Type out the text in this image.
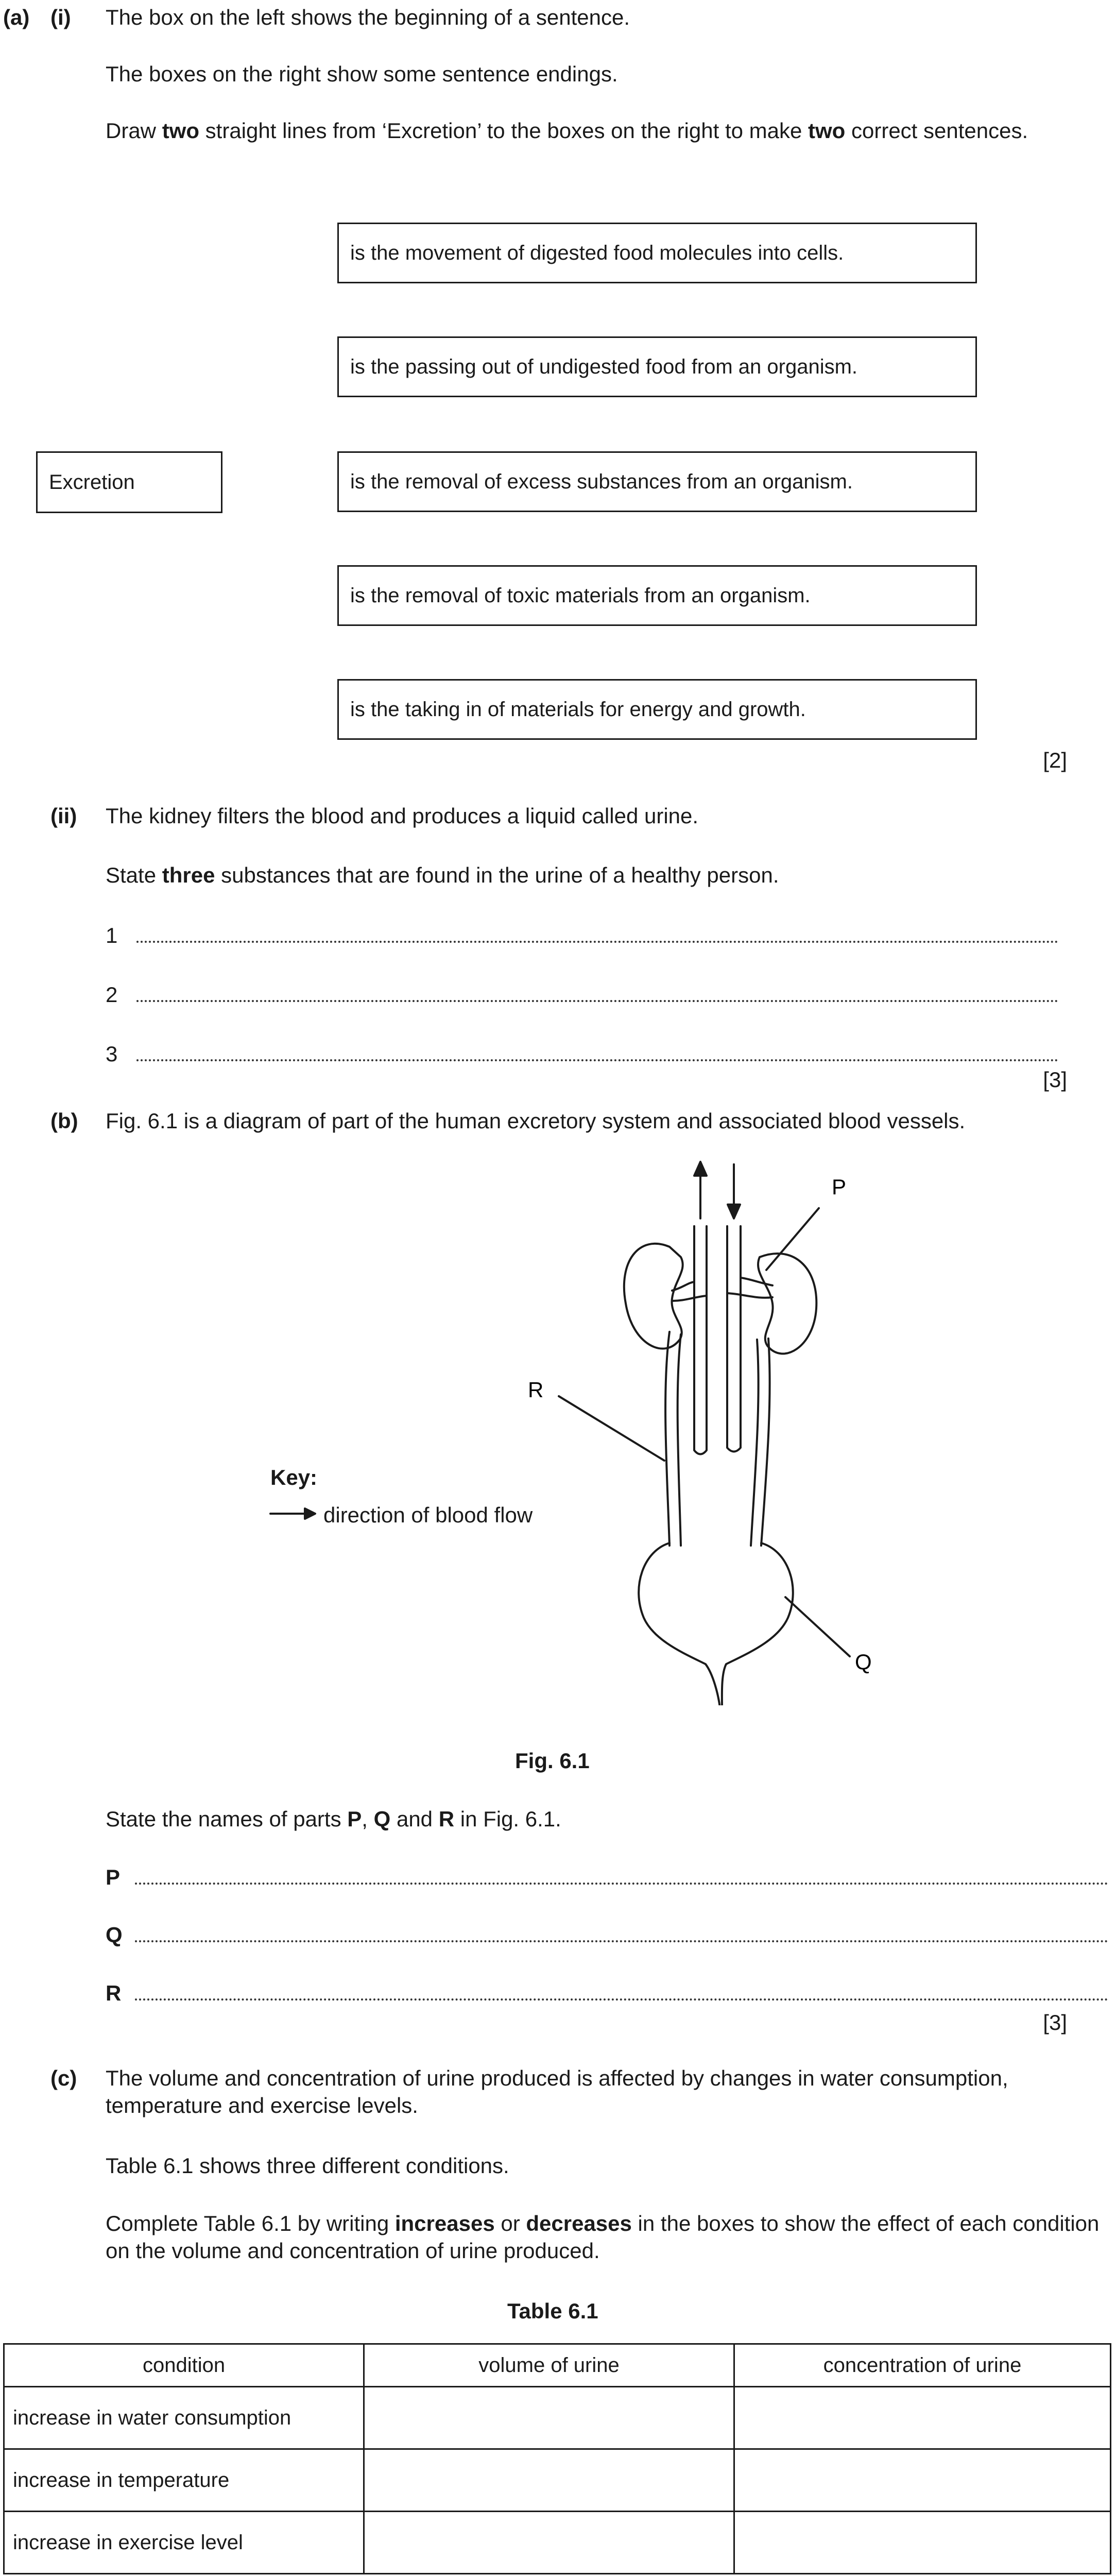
(a) (i) The box on the left shows the beginning of a sentence.
The boxes on the right show some sentence endings.
Draw two straight lines from ‘Excretion’ to the boxes on the right to make two correct sentences.
Excretion
is the movement of digested food molecules into cells.
is the passing out of undigested food from an organism.
is the removal of excess substances from an organism.
is the removal of toxic materials from an organism.
is the taking in of materials for energy and growth.
[2]
(ii) The kidney filters the blood and produces a liquid called urine.
State three substances that are found in the urine of a healthy person.
1
2
3
[3]
(b) Fig. 6.1 is a diagram of part of the human excretory system and associated blood vessels.
P
R
Q
Key:
direction of blood flow
Fig. 6.1
State the names of parts P, Q and R in Fig. 6.1.
P
Q
R
[3]
(c) The volume and concentration of urine produced is affected by changes in water consumption, temperature and exercise levels.
Table 6.1 shows three different conditions.
Complete Table 6.1 by writing increases or decreases in the boxes to show the effect of each condition on the volume and concentration of urine produced.
Table 6.1
condition	volume of urine	concentration of urine
increase in water consumption		
increase in temperature		
increase in exercise level		
